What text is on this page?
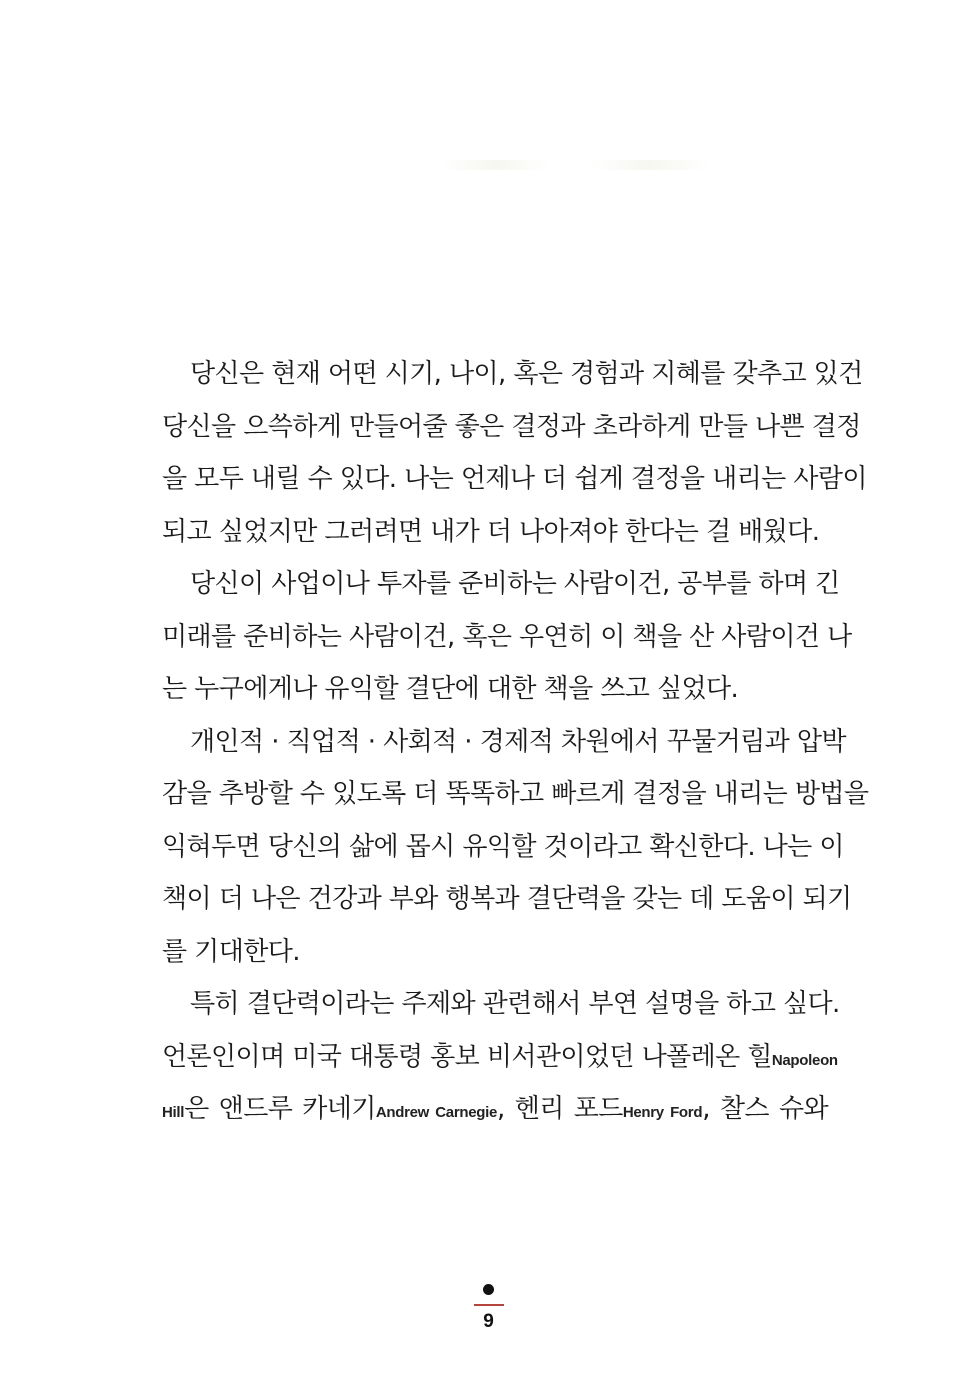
당신은 현재 어떤 시기, 나이, 혹은 경험과 지혜를 갖추고 있건
당신을 으쓱하게 만들어줄 좋은 결정과 초라하게 만들 나쁜 결정
을 모두 내릴 수 있다. 나는 언제나 더 쉽게 결정을 내리는 사람이
되고 싶었지만 그러려면 내가 더 나아져야 한다는 걸 배웠다.
당신이 사업이나 투자를 준비하는 사람이건, 공부를 하며 긴
미래를 준비하는 사람이건, 혹은 우연히 이 책을 산 사람이건 나
는 누구에게나 유익할 결단에 대한 책을 쓰고 싶었다.
개인적 · 직업적 · 사회적 · 경제적 차원에서 꾸물거림과 압박
감을 추방할 수 있도록 더 똑똑하고 빠르게 결정을 내리는 방법을
익혀두면 당신의 삶에 몹시 유익할 것이라고 확신한다. 나는 이
책이 더 나은 건강과 부와 행복과 결단력을 갖는 데 도움이 되기
를 기대한다.
특히 결단력이라는 주제와 관련해서 부연 설명을 하고 싶다.
언론인이며 미국 대통령 홍보 비서관이었던 나폴레온 힐Napoleon
Hill은 앤드루 카네기Andrew Carnegie, 헨리 포드Henry Ford, 찰스 슈와
9
